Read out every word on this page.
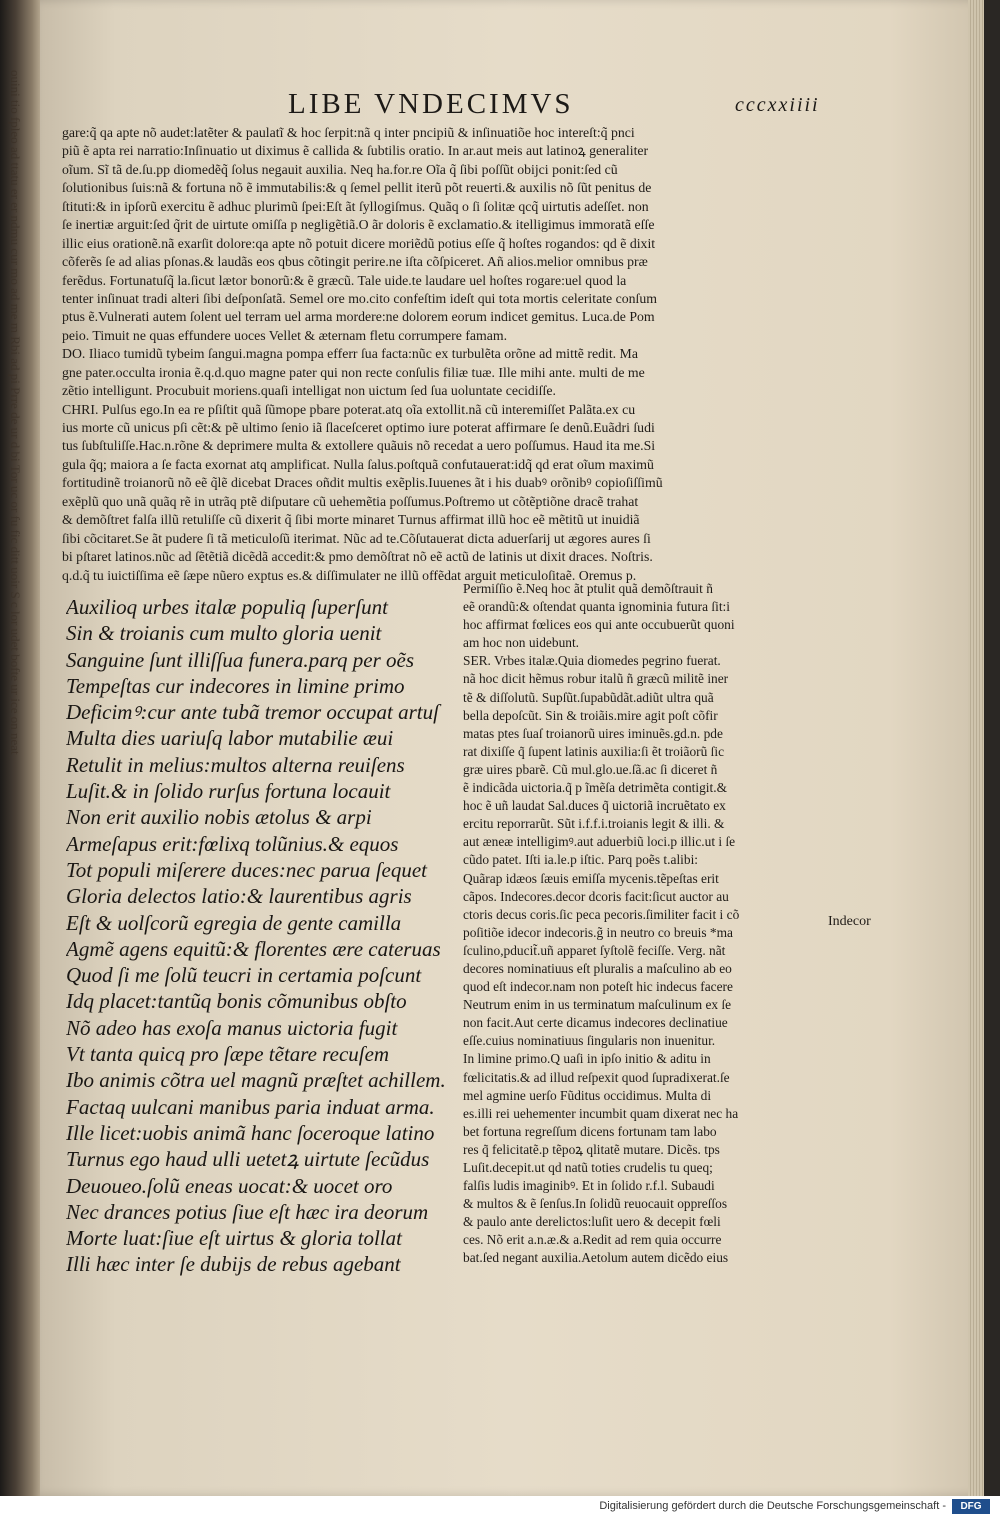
ouini tio fpleo ad ttatu er er ndmu cur mo ad me m Rbi ad pi Prre de ur d bi Tor uc or fu fic ditt uoir S c lor udet bofte ur ice on neat
LIBE VNDECIMVS	cccxxiiii
gare:q̃ qa apte nõ audet:latẽter & paulatĩ & hoc ſerpit:nã q inter pncipiũ & inſinuatiõe hoc intereſt:q̃ pnci
piũ ẽ apta rei narratio:Inſinuatio ut diximus ẽ callida & ſubtilis oratio. In ar.aut meis aut latinoꝝ generaliter
oĩum. Sĩ tã de.ſu.pp diomedẽq̃ ſolus negauit auxilia. Neq ha.for.re Oĩa q̃ ſibi poſſũt obijci ponit:ſed cũ
ſolutionibus ſuis:nã & fortuna nõ ẽ immutabilis:& q ſemel pellit iterũ põt reuerti.& auxilis nõ ſũt penitus de
ſtituti:& in ipſorũ exercitu ẽ adhuc plurimũ ſpei:Eſt ãt ſyllogiſmus. Quãq o ſi ſolitæ qcq̃ uirtutis adeſſet. non
ſe inertiæ arguit:ſed q̃rit de uirtute omiſſa p negligẽtiã.O ãr doloris ẽ exclamatio.& itelligimus immoratã eſſe
illic eius orationẽ.nã exarſit dolore:qa apte nõ potuit dicere moriẽdũ potius eſſe q̃ hoſtes rogandos: qd ẽ dixit
cõferẽs ſe ad alias pſonas.& laudãs eos qbus cõtingit perire.ne iſta cõſpiceret. Añ alios.melior omnibus præ
ferẽdus. Fortunatuſq̃ la.ſicut lætor bonorũ:& ẽ græcũ. Tale uide.te laudare uel hoſtes rogare:uel quod la
tenter inſinuat tradi alteri ſibi deſponſatã. Semel ore mo.cito confeſtim ideſt qui tota mortis celeritate conſum
ptus ẽ.Vulnerati autem ſolent uel terram uel arma mordere:ne dolorem eorum indicet gemitus. Luca.de Pom
peio. Timuit ne quas effundere uoces Vellet & æternam fletu corrumpere famam.
DO. Iliaco tumidũ tybeim ſangui.magna pompa efferr ſua facta:nũc ex turbulẽta orõne ad mittẽ redit. Ma
gne pater.occulta ironia ẽ.q.d.quo magne pater qui non recte conſulis filiæ tuæ. Ille mihi ante. multi de me
zẽtio intelligunt. Procubuit moriens.quaſi intelligat non uictum ſed ſua uoluntate cecidiſſe.
CHRI. Pulſus ego.In ea re pſiſtit quã ſũmope pbare poterat.atq oĩa extollit.nã cũ interemiſſet Palãta.ex cu
ius morte cũ unicus pſi cẽt:& pẽ ultimo ſenio iã ſlaceſceret optimo iure poterat affirmare ſe denũ.Euãdri ſudi
tus ſubſtuliſſe.Hac.n.rõne & deprimere multa & extollere quãuis nõ recedat a uero poſſumus. Haud ita me.Si
gula q̃q; maiora a ſe facta exornat atq amplificat. Nulla ſalus.poſtquã confutauerat:idq̃ qd erat oĩum maximũ
fortitudinẽ troianorũ nõ eẽ q̃lẽ dicebat Draces oñdit multis exẽplis.Iuuenes ãt i his duabꝰ orõnibꝰ copioſiſſimũ
exẽplũ quo unã quãq rẽ in utrãq ptẽ diſputare cũ uehemẽtia poſſumus.Poſtremo ut cõtẽptiõne dracẽ trahat
& demõſtret falſa illũ retuliſſe cũ dixerit q̃ ſibi morte minaret Turnus affirmat illũ hoc eẽ mẽtitũ ut inuidiã
ſibi cõcitaret.Se ãt pudere ſi tã meticuloſũ iterimat. Nũc ad te.Cõſutauerat dicta aduerſarij ut ægores aures ſi
bi pſtaret latinos.nũc ad ſẽtẽtiã dicẽdã accedit:& pmo demõſtrat nõ eẽ actũ de latinis ut dixit draces. Noſtris.
q.d.q̃ tu iuictiſſima eẽ ſæpe nũero exptus es.& diſſimulater ne illũ offẽdat arguit meticuloſitaẽ. Oremus p.
Auxilioq urbes italæ populiq ſuperſunt
Sin & troianis cum multo gloria uenit
Sanguine ſunt illiſſua funera.parq per oẽs
Tempeſtas cur indecores in limine primo
Deficimꝰ:cur ante tubã tremor occupat artuſ
Multa dies uariuſq labor mutabilie æui
Retulit in melius:multos alterna reuiſens
Luſit.& in ſolido rurſus fortuna locauit
Non erit auxilio nobis ætolus & arpi
Armeſapus erit:fœlixq tolũnius.& equos
Tot populi miſerere duces:nec parua ſequet
Gloria delectos latio:& laurentibus agris
Eſt & uolſcorũ egregia de gente camilla
Agmẽ agens equitũ:& florentes ære cateruas
Quod ſi me ſolũ teucri in certamia poſcunt
Idq placet:tantũq bonis cõmunibus obſto
Nõ adeo has exoſa manus uictoria fugit
Vt tanta quicq pro ſæpe tẽtare recuſem
Ibo animis cõtra uel magnũ præſtet achillem.
Factaq uulcani manibus paria induat arma.
Ille licet:uobis animã hanc ſoceroque latino
Turnus ego haud ulli uetetꝝ uirtute ſecũdus
Deuoueo.ſolũ eneas uocat:& uocet oro
Nec drances potius ſiue eſt hæc ira deorum
Morte luat:ſiue eſt uirtus & gloria tollat
Illi hæc inter ſe dubijs de rebus agebant
Permiſſio ẽ.Neq hoc ãt ptulit quã demõſtrauit ñ
eẽ orandũ:& oſtendat quanta ignominia futura ſit:i
hoc affirmat fœlices eos qui ante occubuerũt quoni
am hoc non uidebunt.
SER. Vrbes italæ.Quia diomedes pegrino fuerat.
nã hoc dicit hẽmus robur italũ ñ græcũ militẽ iner
tẽ & diſſolutũ. Supſũt.ſupabũdãt.adiũt ultra quã
bella depoſcũt. Sin & troiãis.mire agit poſt cõfir
matas ptes ſuaſ troianorũ uires iminuẽs.gd.n. pde
rat dixiſſe q̃ ſupent latinis auxilia:ſi ẽt troiãorũ ſic
græ uires pbarẽ. Cũ mul.glo.ue.ſã.ac ſi diceret ñ
ẽ indicãda uictoria.q̃ p ĩmẽſa detrimẽta contigit.&
hoc ẽ uñ laudat Sal.duces q̃ uictoriã incruẽtato ex
ercitu reporrarũt. Sũt i.f.f.i.troianis legit & illi. &
aut æneæ intelligimꝰ.aut aduerbiũ loci.p illic.ut i ſe
cũdo patet. Iſti ia.le.p iſtic. Parq poẽs t.alibi:
Quãrap idæos ſæuis emiſſa mycenis.tẽpeſtas erit
cãpos. Indecores.decor dcoris facit:ſicut auctor au
ctoris decus coris.ſic peca pecoris.ſimiliter facit i cõ
poſitiõe idecor indecoris.g̃ in neutro co breuis *ma
ſculino,pducit̃.uñ apparet ſyſtolẽ feciſſe. Verg. nãt
decores nominatiuus eſt pluralis a maſculino ab eo
quod eſt indecor.nam non poteſt hic indecus facere
Neutrum enim in us terminatum maſculinum ex ſe
non facit.Aut certe dicamus indecores declinatiue
eſſe.cuius nominatiuus ſingularis non inuenitur.
In limine primo.Q uaſi in ipſo initio & aditu in
fœlicitatis.& ad illud reſpexit quod ſupradixerat.ſe
mel agmine uerſo Fũditus occidimus. Multa di
es.illi rei uehementer incumbit quam dixerat nec ha
bet fortuna regreſſum dicens fortunam tam labo
res q̃ felicitatẽ.p tẽpoꝝ qlitatẽ mutare. Dicẽs. tps
Luſit.decepit.ut qd natũ toties crudelis tu queq;
falſis ludis imaginibꝰ. Et in ſolido r.f.l. Subaudi
& multos & ẽ ſenſus.In ſolidũ reuocauit oppreſſos
& paulo ante derelictos:luſit uero & decepit fœli
ces. Nõ erit a.n.æ.& a.Redit ad rem quia occurre
bat.ſed negant auxilia.Aetolum autem dicẽdo eius
Indecor
Digitalisierung gefördert durch die Deutsche Forschungsgemeinschaft -	DFG
